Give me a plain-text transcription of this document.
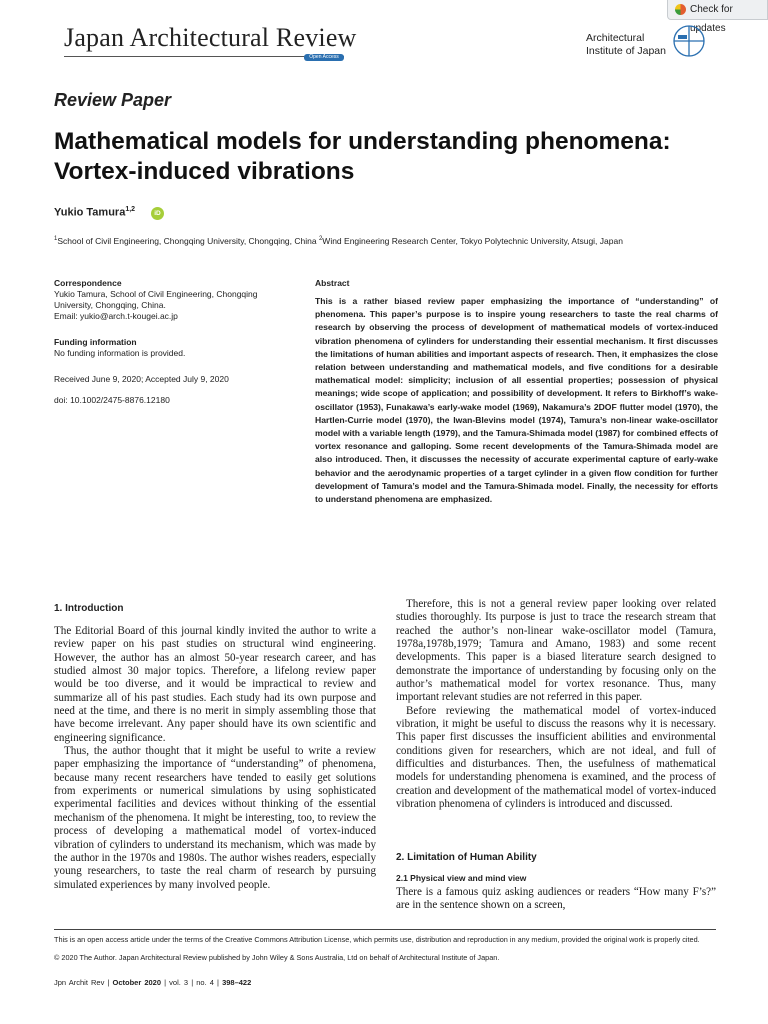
Check for updates
Japan Architectural Review
Open Access
Architectural
Institute of Japan
Review Paper
Mathematical models for understanding phenomena:
Vortex-induced vibrations
Yukio Tamura$^{1,2}$
iD
$^1$School of Civil Engineering, Chongqing University, Chongqing, China $^2$Wind Engineering Research Center, Tokyo Polytechnic University, Atsugi, Japan
Correspondence
Yukio Tamura, School of Civil Engineering, Chongqing University, Chongqing, China.
Email: yukio@arch.t-kougei.ac.jp
Funding information
No funding information is provided.
Received June 9, 2020; Accepted July 9, 2020
doi: 10.1002/2475-8876.12180
Abstract

This is a rather biased review paper emphasizing the importance of “understanding” of phenomena. This paper’s purpose is to inspire young researchers to taste the real charms of research by observing the process of development of mathematical models of vortex-induced vibration phenomena of cylinders for understanding their essential mechanism. It first discusses the limitations of human abilities and important aspects of research. Then, it emphasizes the close relation between understanding and mathematical models, and five conditions for a desirable mathematical model: simplicity; inclusion of all essential properties; possession of physical meanings; wide scope of application; and possibility of development. It refers to Birkhoff’s wake-oscillator (1953), Funakawa’s early-wake model (1969), Nakamura’s 2DOF flutter model (1970), the Hartlen-Currie model (1970), the Iwan-Blevins model (1974), Tamura’s non-linear wake-oscillator model with a variable length (1979), and the Tamura-Shimada model (1987) for combined effects of vortex resonance and galloping. Some recent developments of the Tamura-Shimada model are also introduced. Then, it discusses the necessity of accurate experimental capture of early-wake behavior and the aerodynamic properties of a target cylinder in a given flow condition for further development of Tamura’s model and the Tamura-Shimada model. Finally, the necessity for efforts to understand phenomena are emphasized.

1. Introduction

The Editorial Board of this journal kindly invited the author to write a review paper on his past studies on structural wind engineering. However, the author has an almost 50-year research career, and has studied almost 30 major topics. Therefore, a lifelong review paper would be too diverse, and it would be impractical to review and summarize all of his past studies. Each study had its own purpose and need at the time, and there is no merit in simply assembling those that have become irrelevant. Any paper should have its own scientific and engineering significance.

Thus, the author thought that it might be useful to write a review paper emphasizing the importance of “understanding” of phenomena, because many recent researchers have tended to easily get solutions from experiments or numerical simulations by using sophisticated experimental facilities and devices without thinking of the essential mechanism of the phenomena. It might be interesting, too, to review the process of developing a mathematical model of vortex-induced vibration of cylinders to understand its mechanism, which was made by the author in the 1970s and 1980s. The author wishes readers, especially young researchers, to taste the real charm of research by pursuing simulated experiences by many involved people.

Therefore, this is not a general review paper looking over related studies thoroughly. Its purpose is just to trace the research stream that reached the author’s non-linear wake-oscillator model (Tamura, 1978a,1978b,1979; Tamura and Amano, 1983) and some recent developments. This paper is a biased literature search designed to demonstrate the importance of understanding by focusing only on the author’s mathematical model for vortex resonance. Thus, many important relevant studies are not referred in this paper.

Before reviewing the mathematical model of vortex-induced vibration, it might be useful to discuss the reasons why it is necessary. This paper first discusses the insufficient abilities and environmental conditions given for researchers, which are not ideal, and full of difficulties and disturbances. Then, the usefulness of mathematical models for understanding phenomena is examined, and the process of creation and development of the mathematical model of vortex-induced vibration phenomena of cylinders is introduced and discussed.

2. Limitation of Human Ability
2.1 Physical view and mind view

There is a famous quiz asking audiences or readers “How many F’s?” are in the sentence shown on a screen,

This is an open access article under the terms of the Creative Commons Attribution License, which permits use, distribution and reproduction in any medium, provided the original work is properly cited.

© 2020 The Author. Japan Architectural Review published by John Wiley & Sons Australia, Ltd on behalf of Architectural Institute of Japan.
Jpn Archit Rev | October 2020 | vol. 3 | no. 4 | 398–422
